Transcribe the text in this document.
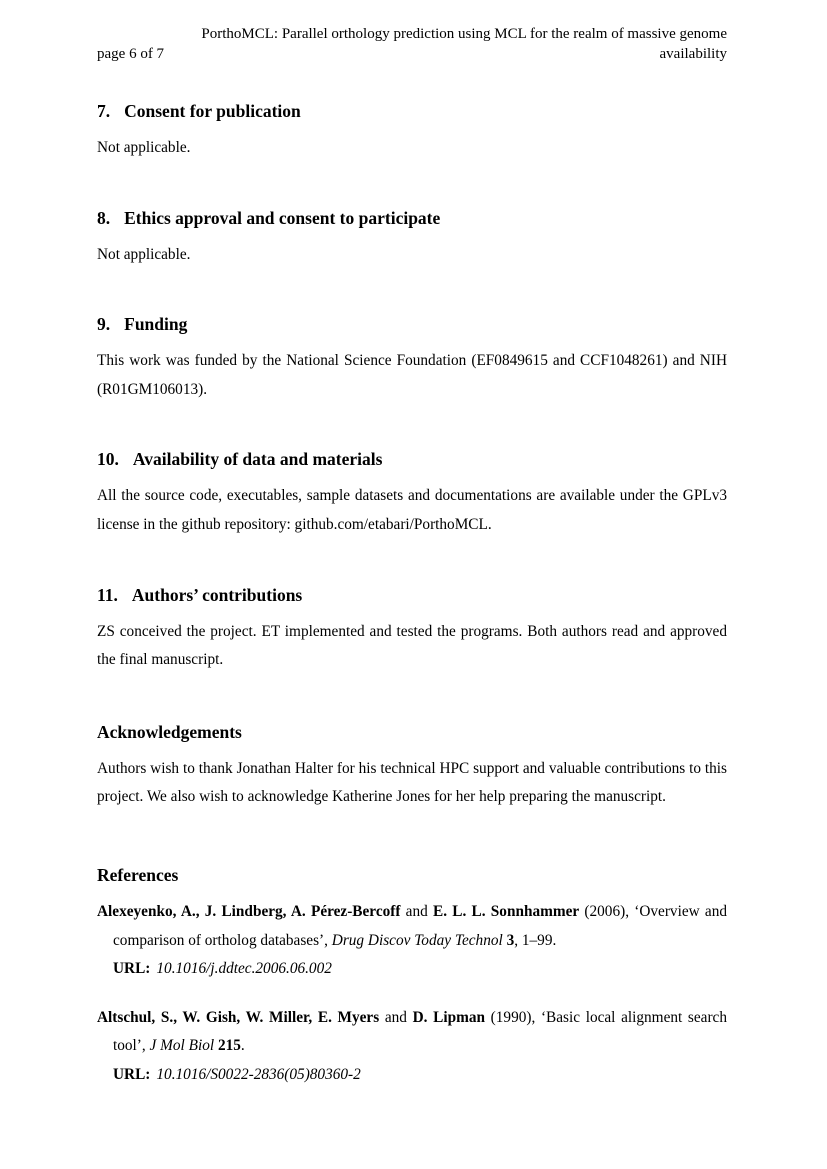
PorthoMCL: Parallel orthology prediction using MCL for the realm of massive genome
page 6 of 7	availability
7. Consent for publication

Not applicable.

8. Ethics approval and consent to participate

Not applicable.

9. Funding

This work was funded by the National Science Foundation (EF0849615 and CCF1048261) and NIH (R01GM106013).

10. Availability of data and materials

All the source code, executables, sample datasets and documentations are available under the GPLv3 license in the github repository: github.com/etabari/PorthoMCL.

11. Authors’ contributions

ZS conceived the project. ET implemented and tested the programs. Both authors read and approved the final manuscript.

Acknowledgements

Authors wish to thank Jonathan Halter for his technical HPC support and valuable contributions to this project. We also wish to acknowledge Katherine Jones for her help preparing the manuscript.

References

Alexeyenko, A., J. Lindberg, A. Pérez-Bercoff and E. L. L. Sonnhammer (2006), ‘Overview and comparison of ortholog databases’, Drug Discov Today Technol 3, 1–99.
URL: 10.1016/j.ddtec.2006.06.002

Altschul, S., W. Gish, W. Miller, E. Myers and D. Lipman (1990), ‘Basic local alignment search tool’, J Mol Biol 215.
URL: 10.1016/S0022-2836(05)80360-2
